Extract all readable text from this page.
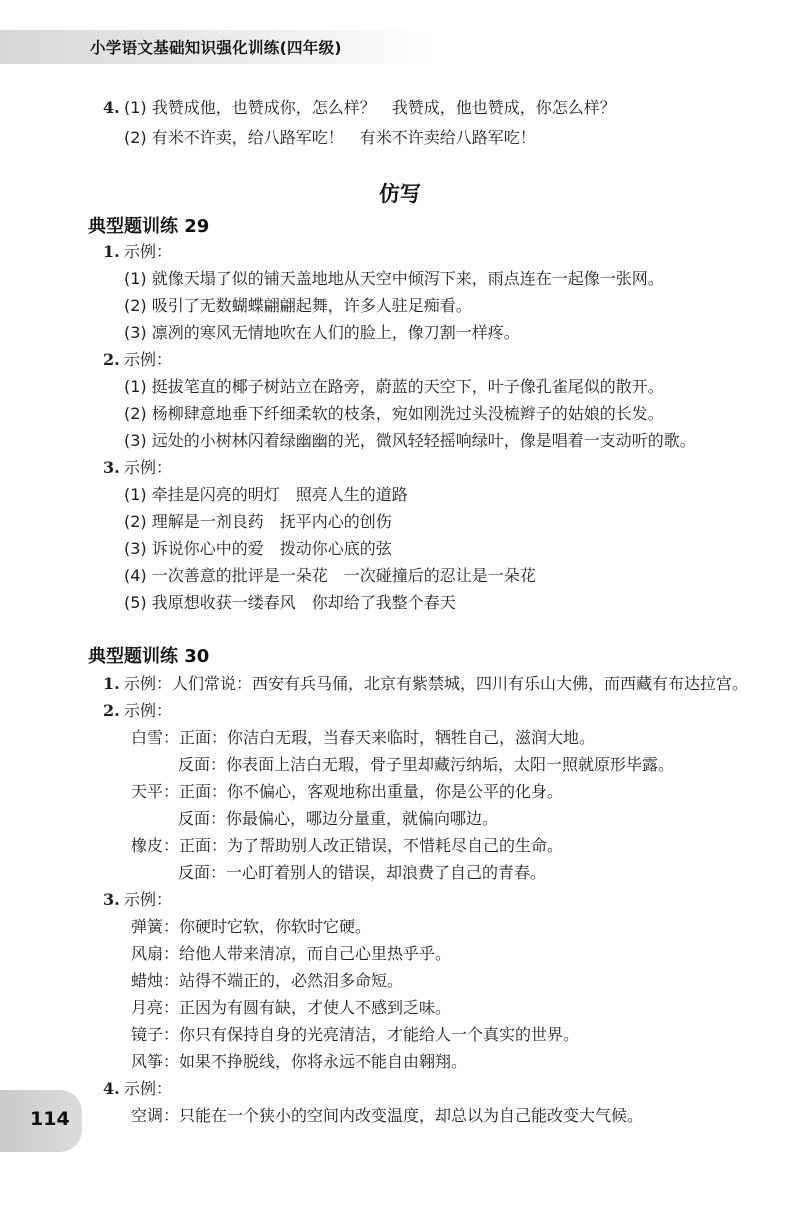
小学语文基础知识强化训练(四年级)
4. (1) 我赞成他，也赞成你，怎么样？　我赞成，他也赞成，你怎么样？
(2) 有米不许卖，给八路军吃！　有米不许卖给八路军吃！
仿写
典型题训练 29
1. 示例：
(1) 就像天塌了似的铺天盖地地从天空中倾泻下来，雨点连在一起像一张网。
(2) 吸引了无数蝴蝶翩翩起舞，许多人驻足痴看。
(3) 凛冽的寒风无情地吹在人们的脸上，像刀割一样疼。
2. 示例：
(1) 挺拔笔直的椰子树站立在路旁，蔚蓝的天空下，叶子像孔雀尾似的散开。
(2) 杨柳肆意地垂下纤细柔软的枝条，宛如刚洗过头没梳辫子的姑娘的长发。
(3) 远处的小树林闪着绿幽幽的光，微风轻轻摇响绿叶，像是唱着一支动听的歌。
3. 示例：
(1) 牵挂是闪亮的明灯　照亮人生的道路
(2) 理解是一剂良药　抚平内心的创伤
(3) 诉说你心中的爱　拨动你心底的弦
(4) 一次善意的批评是一朵花　一次碰撞后的忍让是一朵花
(5) 我原想收获一缕春风　你却给了我整个春天
典型题训练 30
1. 示例：人们常说：西安有兵马俑，北京有紫禁城，四川有乐山大佛，而西藏有布达拉宫。
2. 示例：
白雪：正面：你洁白无瑕，当春天来临时，牺牲自己，滋润大地。
反面：你表面上洁白无瑕，骨子里却藏污纳垢，太阳一照就原形毕露。
天平：正面：你不偏心，客观地称出重量，你是公平的化身。
反面：你最偏心，哪边分量重，就偏向哪边。
橡皮：正面：为了帮助别人改正错误，不惜耗尽自己的生命。
反面：一心盯着别人的错误，却浪费了自己的青春。
3. 示例：
弹簧：你硬时它软，你软时它硬。
风扇：给他人带来清凉，而自己心里热乎乎。
蜡烛：站得不端正的，必然泪多命短。
月亮：正因为有圆有缺，才使人不感到乏味。
镜子：你只有保持自身的光亮清洁，才能给人一个真实的世界。
风筝：如果不挣脱线，你将永远不能自由翱翔。
4. 示例：
空调：只能在一个狭小的空间内改变温度，却总以为自己能改变大气候。
114
